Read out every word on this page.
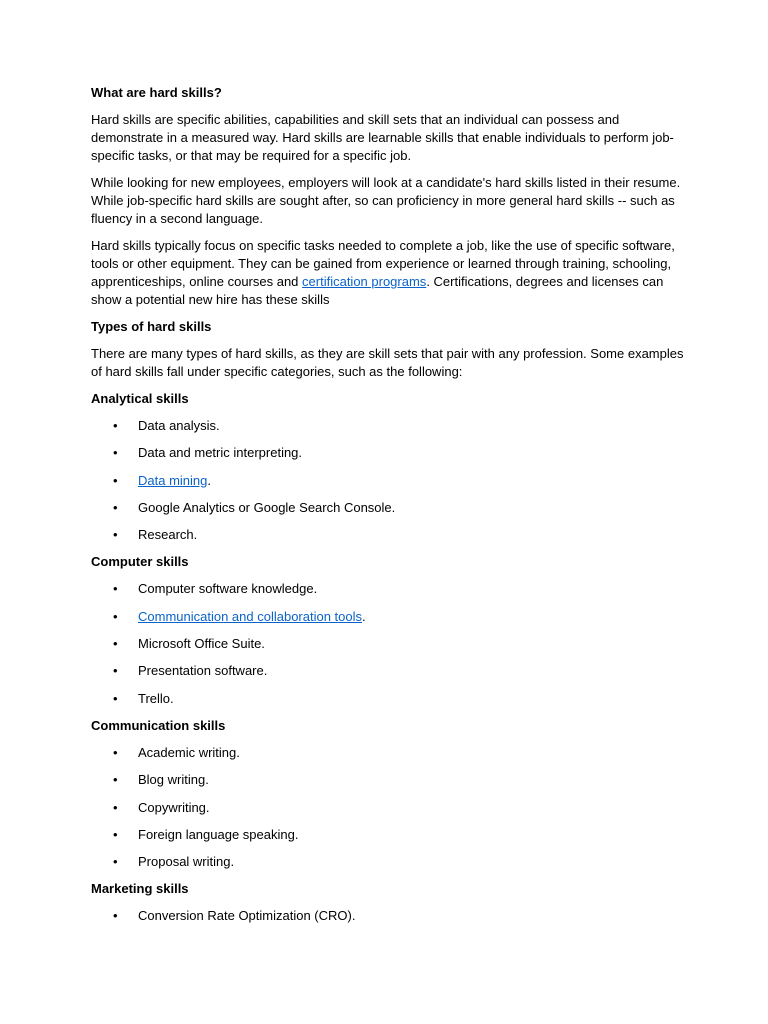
What are hard skills?

Hard skills are specific abilities, capabilities and skill sets that an individual can possess and demonstrate in a measured way. Hard skills are learnable skills that enable individuals to perform job-specific tasks, or that may be required for a specific job.

While looking for new employees, employers will look at a candidate's hard skills listed in their resume. While job-specific hard skills are sought after, so can proficiency in more general hard skills -- such as fluency in a second language.

Hard skills typically focus on specific tasks needed to complete a job, like the use of specific software, tools or other equipment. They can be gained from experience or learned through training, schooling, apprenticeships, online courses and certification programs. Certifications, degrees and licenses can show a potential new hire has these skills

Types of hard skills

There are many types of hard skills, as they are skill sets that pair with any profession. Some examples of hard skills fall under specific categories, such as the following:

Analytical skills
• Data analysis.
• Data and metric interpreting.
• Data mining.
• Google Analytics or Google Search Console.
• Research.
Computer skills
• Computer software knowledge.
• Communication and collaboration tools.
• Microsoft Office Suite.
• Presentation software.
• Trello.
Communication skills
• Academic writing.
• Blog writing.
• Copywriting.
• Foreign language speaking.
• Proposal writing.
Marketing skills
• Conversion Rate Optimization (CRO).
